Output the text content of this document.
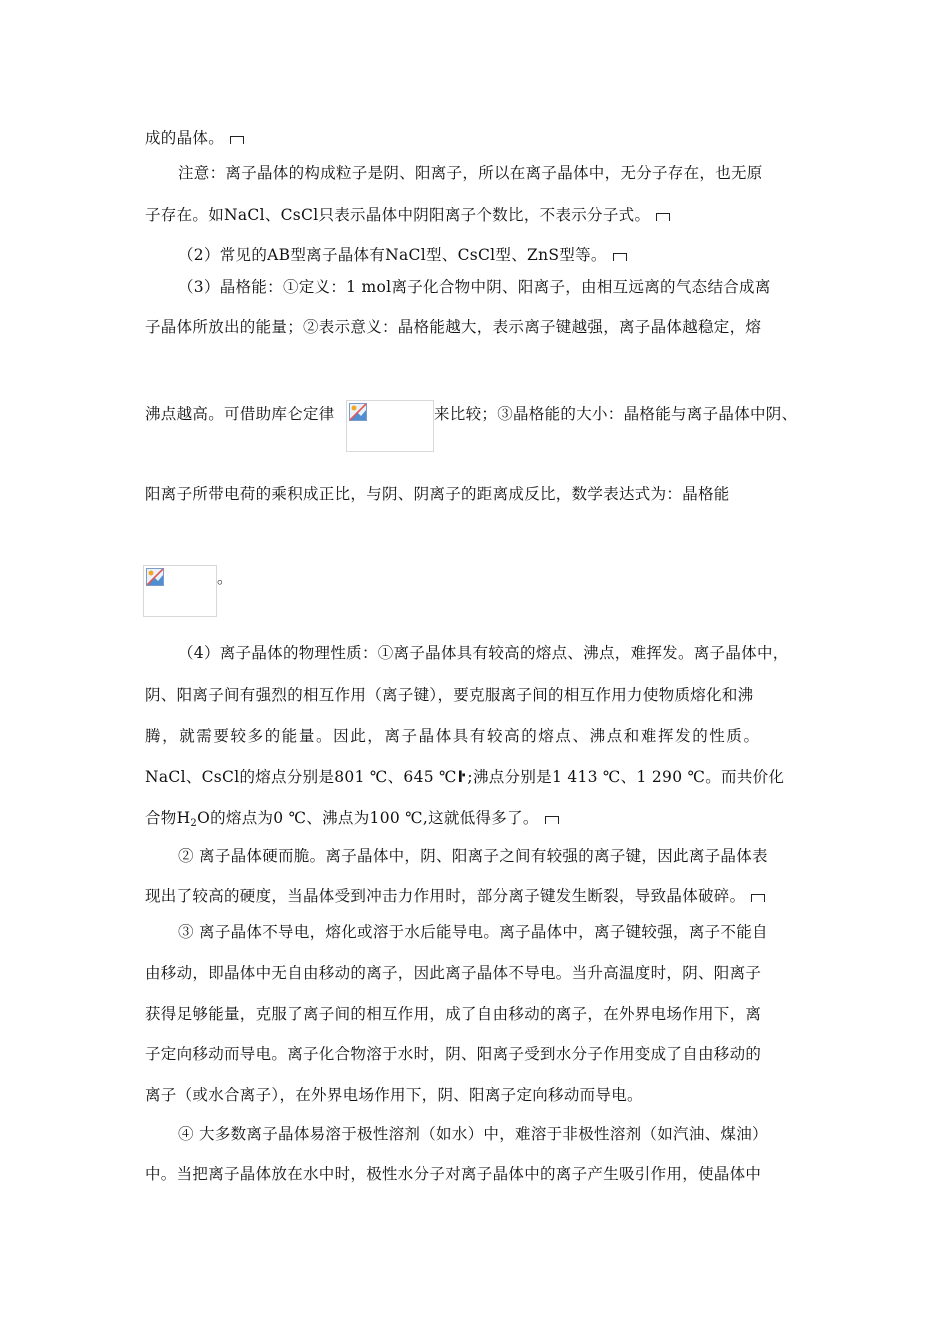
成的晶体。
注意：离子晶体的构成粒子是阴、阳离子，所以在离子晶体中，无分子存在，也无原
子存在。如NaCl、CsCl只表示晶体中阴阳离子个数比，不表示分子式。
（2）常见的AB型离子晶体有NaCl型、CsCl型、ZnS型等。
（3）晶格能：①定义：1 mol离子化合物中阴、阳离子，由相互远离的气态结合成离
子晶体所放出的能量；②表示意义：晶格能越大，表示离子键越强，离子晶体越稳定，熔
沸点越高。可借助库仑定律	来比较；③晶格能的大小：晶格能与离子晶体中阴、
阳离子所带电荷的乘积成正比，与阴、阴离子的距离成反比，数学表达式为：晶格能
。
（4）离子晶体的物理性质：①离子晶体具有较高的熔点、沸点，难挥发。离子晶体中，
阴、阳离子间有强烈的相互作用（离子键），要克服离子间的相互作用力使物质熔化和沸
腾，就需要较多的能量。因此，离子晶体具有较高的熔点、沸点和难挥发的性质。
NaCl、CsCl的熔点分别是801 ℃、645 ℃ŀ;沸点分别是1 413 ℃、1 290 ℃。而共价化
合物$H_2O$的熔点为0 ℃、沸点为100 ℃,这就低得多了。
② 离子晶体硬而脆。离子晶体中，阴、阳离子之间有较强的离子键，因此离子晶体表
现出了较高的硬度，当晶体受到冲击力作用时，部分离子键发生断裂，导致晶体破碎。
③ 离子晶体不导电，熔化或溶于水后能导电。离子晶体中，离子键较强，离子不能自
由移动，即晶体中无自由移动的离子，因此离子晶体不导电。当升高温度时，阴、阳离子
获得足够能量，克服了离子间的相互作用，成了自由移动的离子，在外界电场作用下，离
子定向移动而导电。离子化合物溶于水时，阴、阳离子受到水分子作用变成了自由移动的
离子（或水合离子），在外界电场作用下，阴、阳离子定向移动而导电。
④ 大多数离子晶体易溶于极性溶剂（如水）中，难溶于非极性溶剂（如汽油、煤油）
中。当把离子晶体放在水中时，极性水分子对离子晶体中的离子产生吸引作用，使晶体中
